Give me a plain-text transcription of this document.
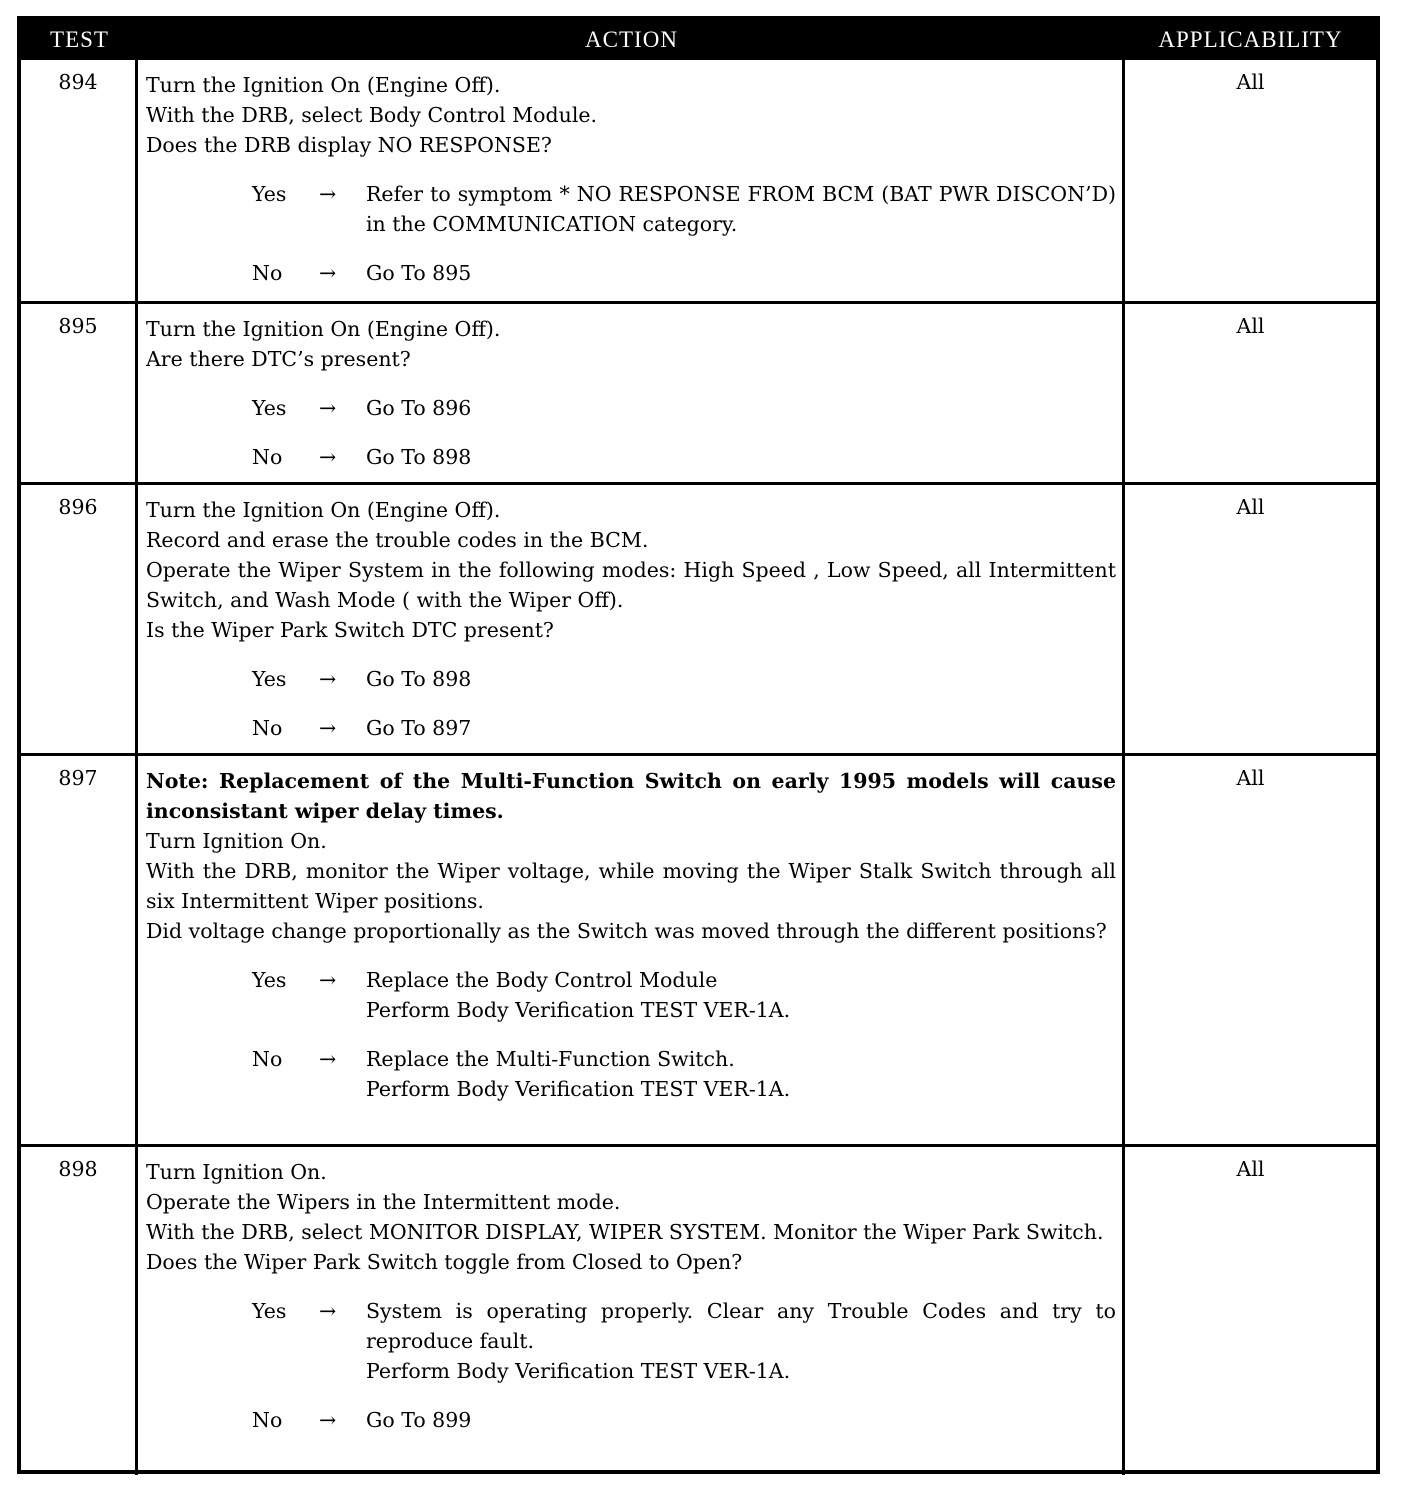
TEST	ACTION	APPLICABILITY
894	Turn the Ignition On (Engine Off).
With the DRB, select Body Control Module.
Does the DRB display NO RESPONSE?
Yes	→	Refer to symptom * NO RESPONSE FROM BCM (BAT PWR DISCON’D) in the COMMUNICATION category.
No	→	Go To 895
All
895	Turn the Ignition On (Engine Off).
Are there DTC’s present?
Yes	→	Go To 896
No	→	Go To 898
All
896	Turn the Ignition On (Engine Off).
Record and erase the trouble codes in the BCM.
Operate the Wiper System in the following modes: High Speed , Low Speed, all Intermittent Switch, and Wash Mode ( with the Wiper Off).
Is the Wiper Park Switch DTC present?
Yes	→	Go To 898
No	→	Go To 897
All
897	Note: Replacement of the Multi-Function Switch on early 1995 models will cause inconsistant wiper delay times.
Turn Ignition On.
With the DRB, monitor the Wiper voltage, while moving the Wiper Stalk Switch through all six Intermittent Wiper positions.
Did voltage change proportionally as the Switch was moved through the different positions?
Yes	→	Replace the Body Control Module
Perform Body Verification TEST VER-1A.
No	→	Replace the Multi-Function Switch.
Perform Body Verification TEST VER-1A.
All
898	Turn Ignition On.
Operate the Wipers in the Intermittent mode.
With the DRB, select MONITOR DISPLAY, WIPER SYSTEM. Monitor the Wiper Park Switch.
Does the Wiper Park Switch toggle from Closed to Open?
Yes	→	System is operating properly. Clear any Trouble Codes and try to reproduce fault.
Perform Body Verification TEST VER-1A.
No	→	Go To 899
All
